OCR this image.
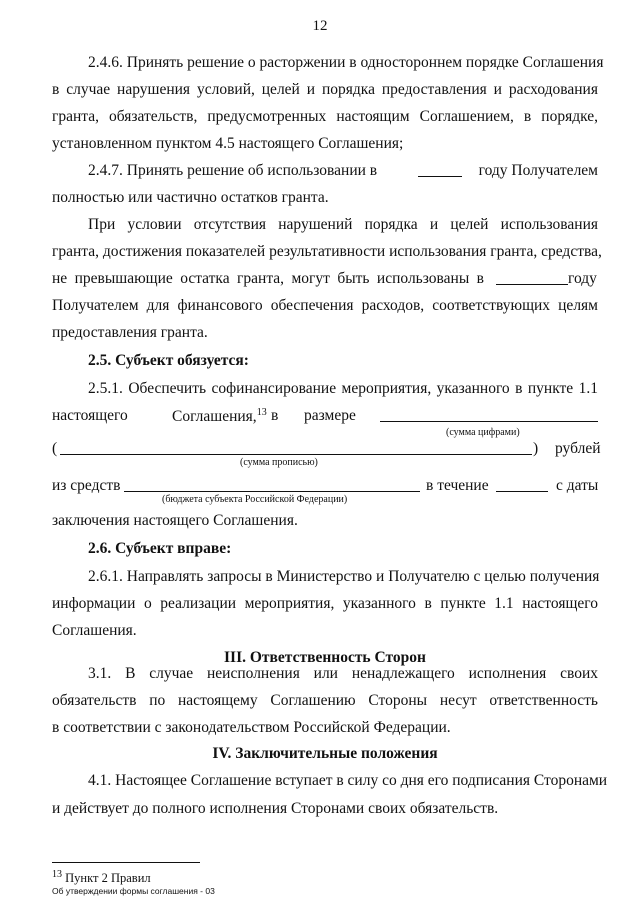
12
2.4.6. Принять решение о расторжении в одностороннем порядке Соглашения
в случае нарушения условий, целей и порядка предоставления и расходования
гранта, обязательств, предусмотренных настоящим Соглашением, в порядке,
установленном пунктом 4.5 настоящего Соглашения;
2.4.7. Принять решение об использовании в	году Получателем
полностью или частично остатков гранта.
При условии отсутствия нарушений порядка и целей использования
гранта, достижения показателей результативности использования гранта, средства,
не превышающие остатка гранта, могут быть использованы в	году
Получателем для финансового обеспечения расходов, соответствующих целям
предоставления гранта.
2.5. Субъект обязуется:
2.5.1. Обеспечить софинансирование мероприятия, указанного в пункте 1.1
настоящего	Соглашения,$^{13}$ в размере
(сумма цифрами)
(	) рублей
(сумма прописью)
из средств	в течение	с даты
(бюджета субъекта Российской Федерации)
заключения настоящего Соглашения.
2.6. Субъект вправе:
2.6.1. Направлять запросы в Министерство и Получателю с целью получения
информации о реализации мероприятия, указанного в пункте 1.1 настоящего
Соглашения.
III. Ответственность Сторон
3.1. В случае неисполнения или ненадлежащего исполнения своих
обязательств по настоящему Соглашению Стороны несут ответственность
в соответствии с законодательством Российской Федерации.
IV. Заключительные положения
4.1. Настоящее Соглашение вступает в силу со дня его подписания Сторонами
и действует до полного исполнения Сторонами своих обязательств.
$^{13}$ Пункт 2 Правил
Об утверждении формы соглашения - 03
